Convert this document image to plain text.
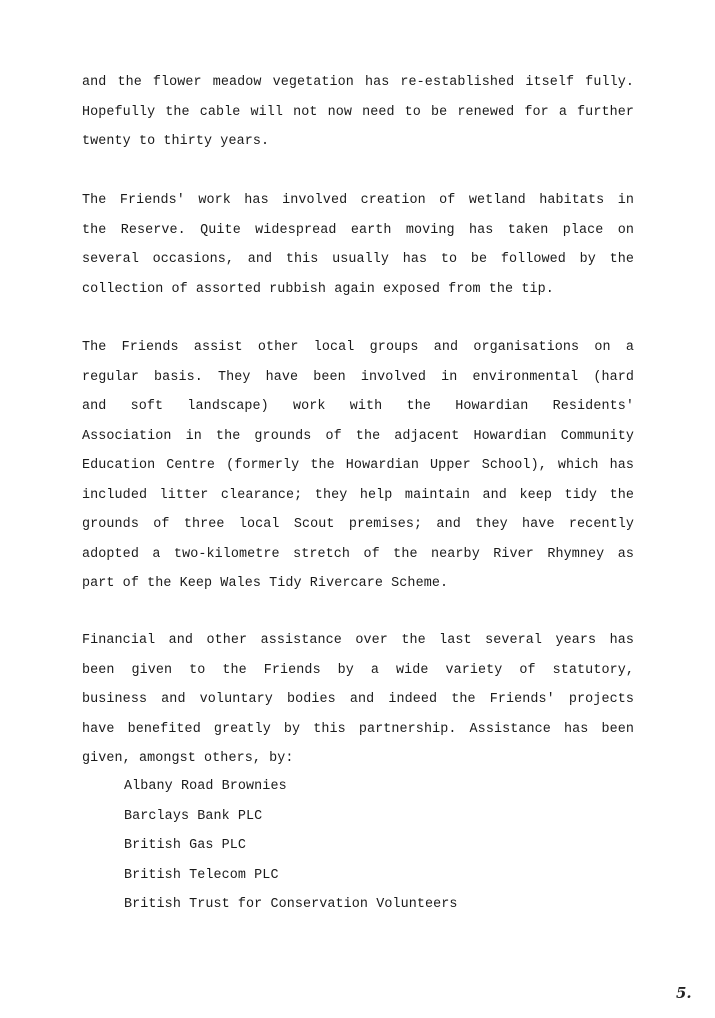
and the flower meadow vegetation has re-established itself fully.
Hopefully the cable will not now need to be renewed for a further
twenty to thirty years.

The Friends' work has involved creation of wetland habitats in
the Reserve. Quite widespread earth moving has taken place on
several occasions, and this usually has to be followed by the
collection of assorted rubbish again exposed from the tip.

The Friends assist other local groups and organisations on a
regular basis. They have been involved in environmental (hard
and soft landscape) work with the Howardian Residents'
Association in the grounds of the adjacent Howardian Community
Education Centre (formerly the Howardian Upper School), which has
included litter clearance; they help maintain and keep tidy the
grounds of three local Scout premises; and they have recently
adopted a two-kilometre stretch of the nearby River Rhymney as
part of the Keep Wales Tidy Rivercare Scheme.

Financial and other assistance over the last several years has
been given to the Friends by a wide variety of statutory,
business and voluntary bodies and indeed the Friends' projects
have benefited greatly by this partnership. Assistance has been
given, amongst others, by:

Albany Road Brownies
Barclays Bank PLC
British Gas PLC
British Telecom PLC
British Trust for Conservation Volunteers
5.
